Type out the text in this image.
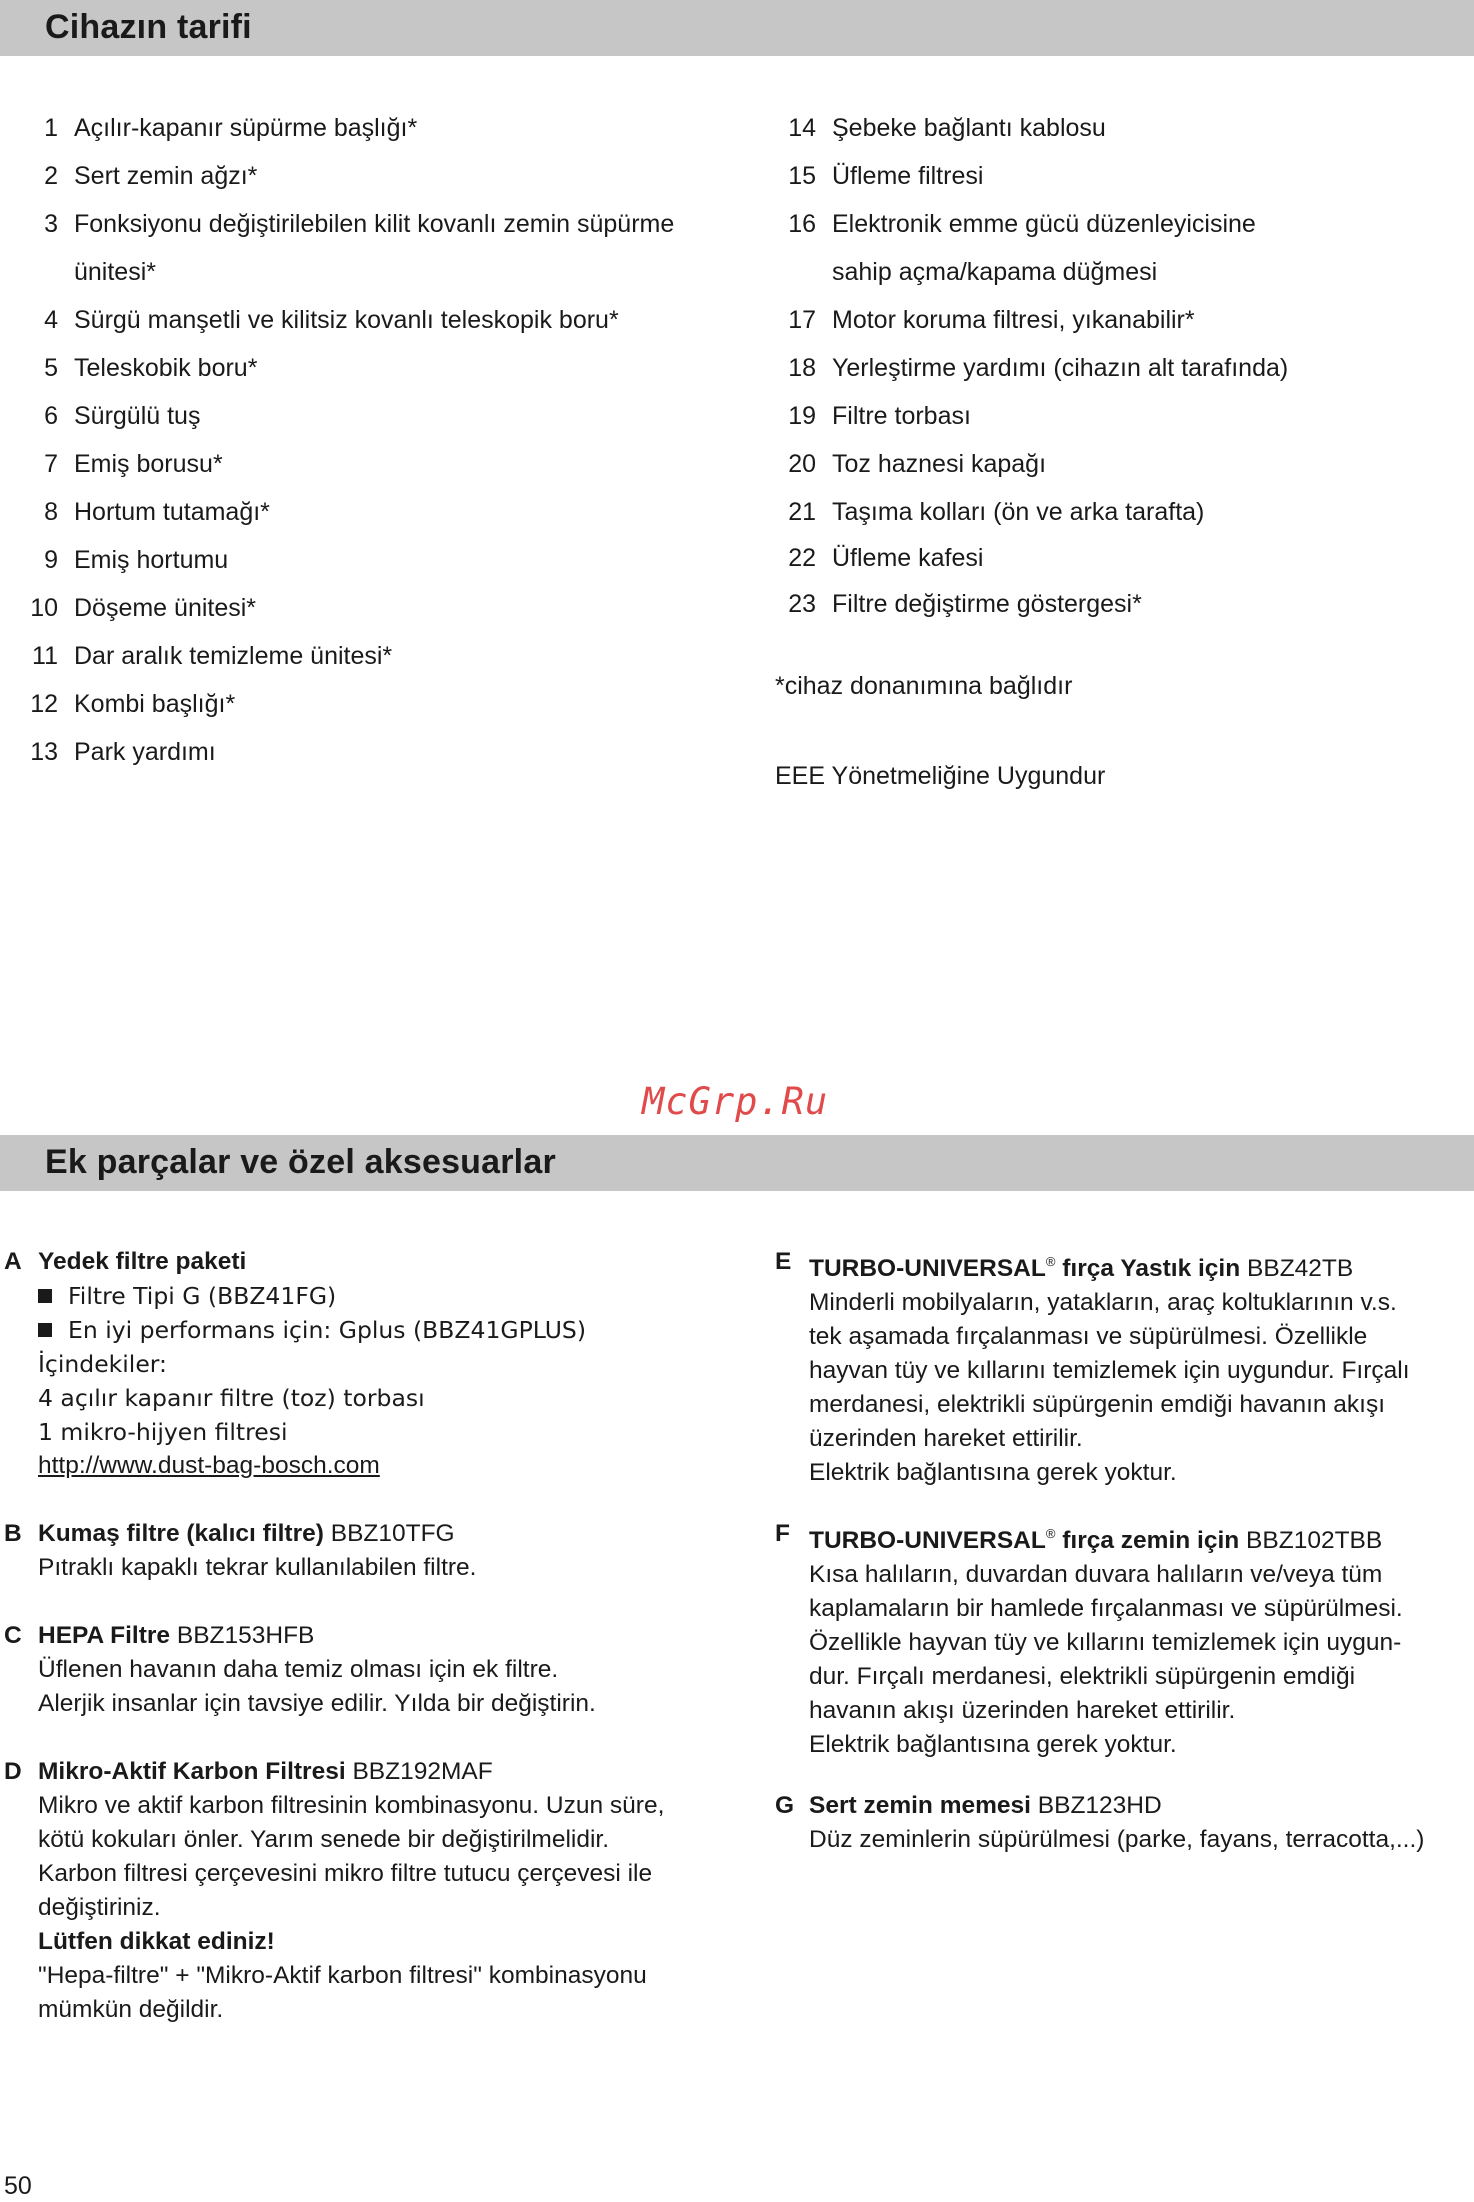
Cihazın tarifi
1 Açılır-kapanır süpürme başlığı*
2 Sert zemin ağzı*
3 Fonksiyonu değiştirilebilen kilit kovanlı zemin süpürme
ünitesi*
4 Sürgü manşetli ve kilitsiz kovanlı teleskopik boru*
5 Teleskobik boru*
6 Sürgülü tuş
7 Emiş borusu*
8 Hortum tutamağı*
9 Emiş hortumu
10 Döşeme ünitesi*
11 Dar aralık temizleme ünitesi*
12 Kombi başlığı*
13 Park yardımı
14 Şebeke bağlantı kablosu
15 Üfleme filtresi
16 Elektronik emme gücü düzenleyicisine
sahip açma/kapama düğmesi
17 Motor koruma filtresi, yıkanabilir*
18 Yerleştirme yardımı (cihazın alt tarafında)
19 Filtre torbası
20 Toz haznesi kapağı
21 Taşıma kolları (ön ve arka tarafta)
22 Üfleme kafesi
23 Filtre değiştirme göstergesi*
*cihaz donanımına bağlıdır
EEE Yönetmeliğine Uygundur
McGrp.Ru
Ek parçalar ve özel aksesuarlar
A Yedek filtre paketi
Filtre Tipi G (BBZ41FG)
En iyi performans için: Gplus (BBZ41GPLUS)
İçindekiler:
4 açılır kapanır filtre (toz) torbası
1 mikro-hijyen filtresi
http://www.dust-bag-bosch.com
B Kumaş filtre (kalıcı filtre) BBZ10TFG
Pıtraklı kapaklı tekrar kullanılabilen filtre.
C HEPA Filtre BBZ153HFB
Üflenen havanın daha temiz olması için ek filtre.
Alerjik insanlar için tavsiye edilir. Yılda bir değiştirin.
D Mikro-Aktif Karbon Filtresi BBZ192MAF
Mikro ve aktif karbon filtresinin kombinasyonu. Uzun süre,
kötü kokuları önler. Yarım senede bir değiştirilmelidir.
Karbon filtresi çerçevesini mikro filtre tutucu çerçevesi ile
değiştiriniz.
Lütfen dikkat ediniz!
"Hepa-filtre" + "Mikro-Aktif karbon filtresi" kombinasyonu
mümkün değildir.
E TURBO-UNIVERSAL® fırça Yastık için BBZ42TB
Minderli mobilyaların, yatakların, araç koltuklarının v.s.
tek aşamada fırçalanması ve süpürülmesi. Özellikle
hayvan tüy ve kıllarını temizlemek için uygundur. Fırçalı
merdanesi, elektrikli süpürgenin emdiği havanın akışı
üzerinden hareket ettirilir.
Elektrik bağlantısına gerek yoktur.
F TURBO-UNIVERSAL® fırça zemin için BBZ102TBB
Kısa halıların, duvardan duvara halıların ve/veya tüm
kaplamaların bir hamlede fırçalanması ve süpürülmesi.
Özellikle hayvan tüy ve kıllarını temizlemek için uygun-
dur. Fırçalı merdanesi, elektrikli süpürgenin emdiği
havanın akışı üzerinden hareket ettirilir.
Elektrik bağlantısına gerek yoktur.
G Sert zemin memesi BBZ123HD
Düz zeminlerin süpürülmesi (parke, fayans, terracotta,...)
50
